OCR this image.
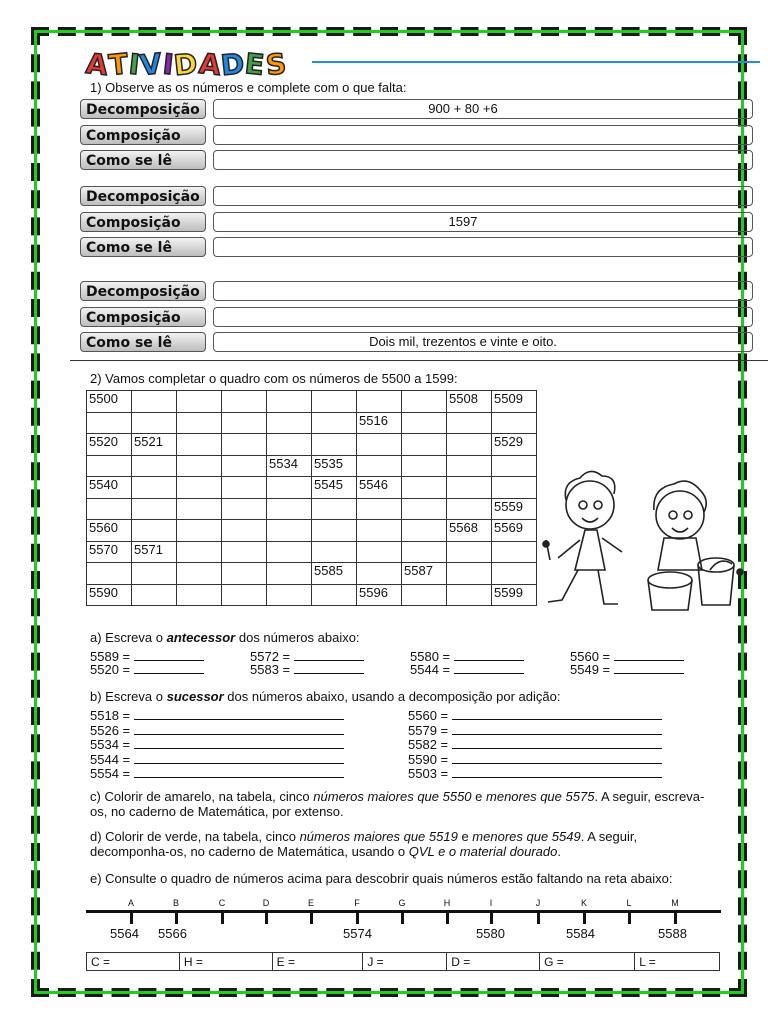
ATIVIDADES
1) Observe as os números e complete com o que falta:
Decomposição	900 + 80 +6
Composição
Como se lê
Decomposição
Composição	1597
Como se lê
Decomposição
Composição
Como se lê	Dois mil, trezentos e vinte e oito.
2) Vamos completar o quadro com os números de 5500 a 1599:
5500								5508	5509
						5516			
5520	5521								5529
				5534	5535				
5540					5545	5546			
									5559
5560								5568	5569
5570	5571								
					5585		5587		
5590						5596			5599
a) Escreva o antecessor dos números abaixo:
5589 =	5572 =	5580 =	5560 =
5520 =	5583 =	5544 =	5549 =
b) Escreva o sucessor dos números abaixo, usando a decomposição por adição:
5518 =
5526 =
5534 =
5544 =
5554 =
5560 =
5579 =
5582 =
5590 =
5503 =
c) Colorir de amarelo, na tabela, cinco números maiores que 5550 e menores que 5575. A seguir, escreva-os, no caderno de Matemática, por extenso.
d) Colorir de verde, na tabela, cinco números maiores que 5519 e menores que 5549. A seguir, decomponha-os, no caderno de Matemática, usando o QVL e o material dourado.
e) Consulte o quadro de números acima para descobrir quais números estão faltando na reta abaixo:
A	B	C	D	E	F	G	H	I	J	K	L	M
5564 5566	5574	5580	5584	5588
C =	H =	E =	J =	D =	G =	L =
